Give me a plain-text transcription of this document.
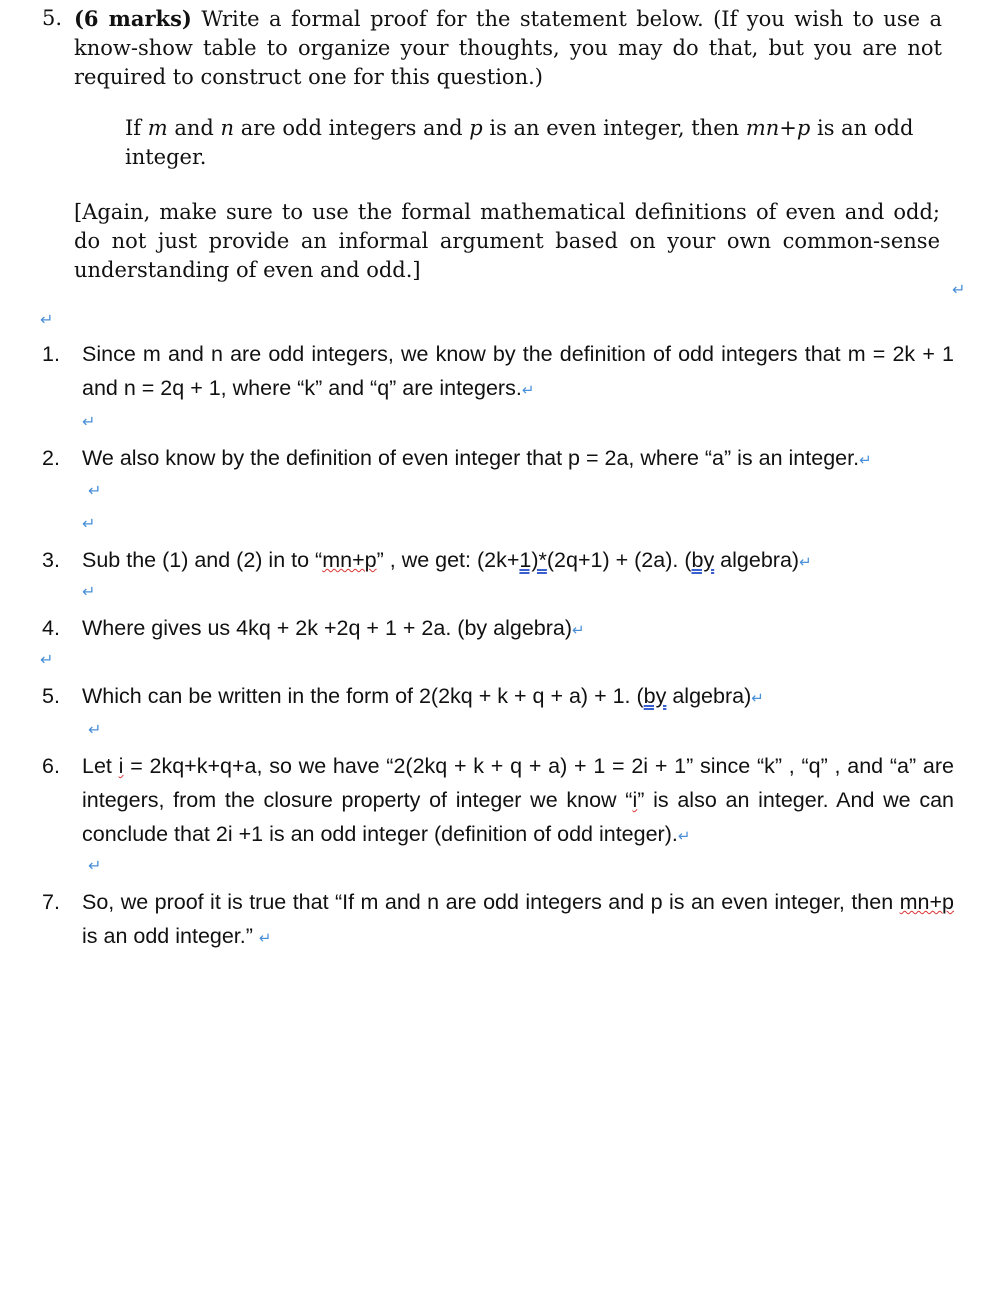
5. (6 marks) Write a formal proof for the statement below. (If you wish to use a know-show table to organize your thoughts, you may do that, but you are not required to construct one for this question.)
If m and n are odd integers and p is an even integer, then mn+p is an odd integer.
[Again, make sure to use the formal mathematical definitions of even and odd; do not just provide an informal argument based on your own common-sense understanding of even and odd.]
↵
↵
1. Since m and n are odd integers, we know by the definition of odd integers that m = 2k + 1 and n = 2q + 1, where “k” and “q” are integers.↵
↵
2. We also know by the definition of even integer that p = 2a, where “a” is an integer.↵
↵
↵
3. Sub the (1) and (2) in to “mn+p” , we get: (2k+1)*(2q+1) + (2a). (by algebra)↵
↵
4. Where gives us 4kq + 2k +2q + 1 + 2a. (by algebra)↵
↵
5. Which can be written in the form of 2(2kq + k + q + a) + 1. (by algebra)↵
↵
6. Let i = 2kq+k+q+a, so we have “2(2kq + k + q + a) + 1 = 2i + 1” since “k” , “q” , and “a” are integers, from the closure property of integer we know “i” is also an integer. And we can conclude that 2i +1 is an odd integer (definition of odd integer).↵
↵
7. So, we proof it is true that “If m and n are odd integers and p is an even integer, then mn+p is an odd integer.” ↵
